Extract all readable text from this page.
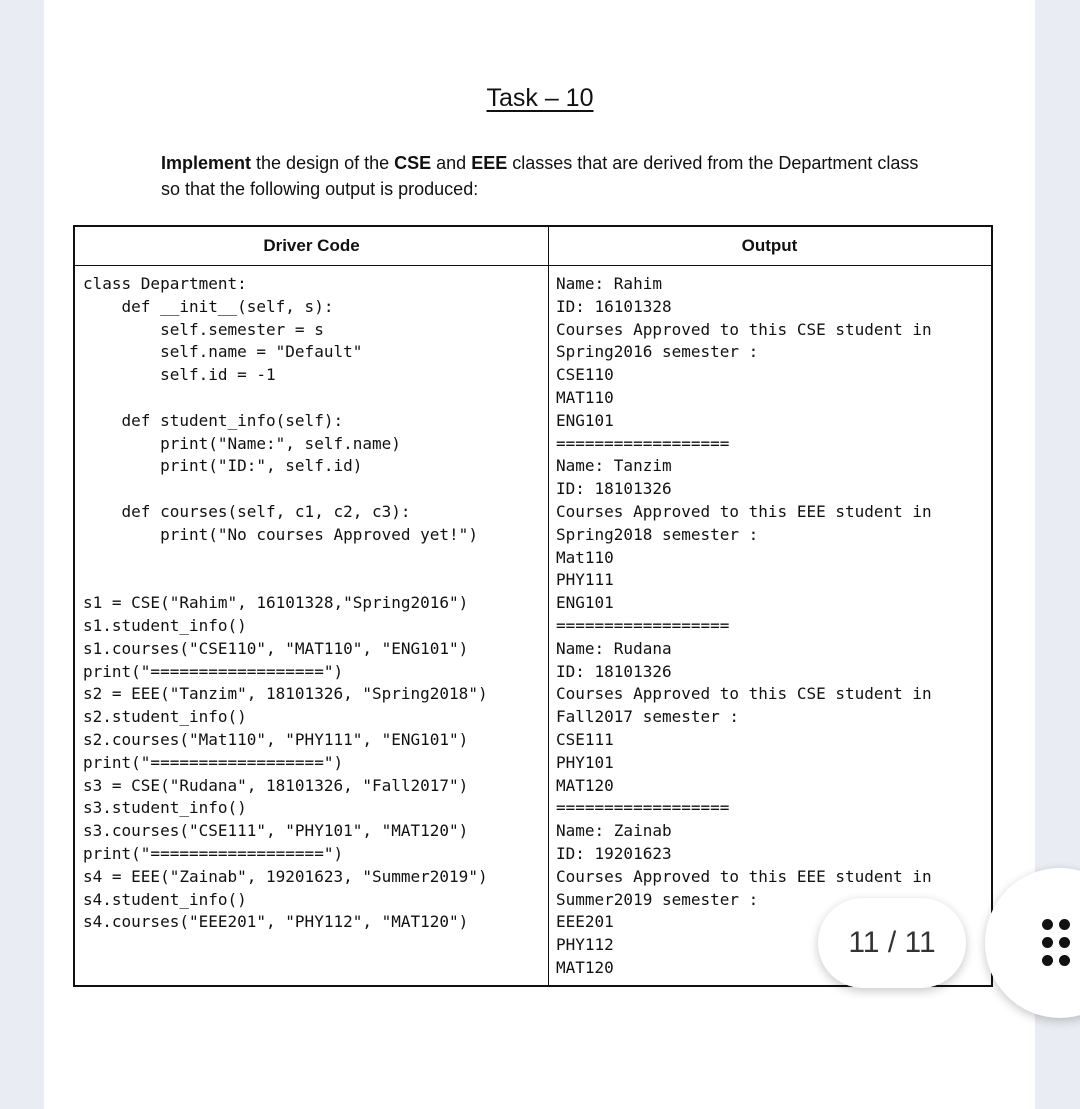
Task – 10
Implement the design of the CSE and EEE classes that are derived from the Department class so that the following output is produced:
Driver Code	Output
class Department:
def __init__(self, s):
self.semester = s
self.name = "Default"
self.id = -1

def student_info(self):
print("Name:", self.name)
print("ID:", self.id)

def courses(self, c1, c2, c3):
print("No courses Approved yet!")

s1 = CSE("Rahim", 16101328,"Spring2016")
s1.student_info()
s1.courses("CSE110", "MAT110", "ENG101")
print("==================")
s2 = EEE("Tanzim", 18101326, "Spring2018")
s2.student_info()
s2.courses("Mat110", "PHY111", "ENG101")
print("==================")
s3 = CSE("Rudana", 18101326, "Fall2017")
s3.student_info()
s3.courses("CSE111", "PHY101", "MAT120")
print("==================")
s4 = EEE("Zainab", 19201623, "Summer2019")
s4.student_info()
s4.courses("EEE201", "PHY112", "MAT120")
Name: Rahim
ID: 16101328
Courses Approved to this CSE student in
Spring2016 semester :
CSE110
MAT110
ENG101
==================
Name: Tanzim
ID: 18101326
Courses Approved to this EEE student in
Spring2018 semester :
Mat110
PHY111
ENG101
==================
Name: Rudana
ID: 18101326
Courses Approved to this CSE student in
Fall2017 semester :
CSE111
PHY101
MAT120
==================
Name: Zainab
ID: 19201623
Courses Approved to this EEE student in
Summer2019 semester :
EEE201
PHY112
MAT120
11 / 11
